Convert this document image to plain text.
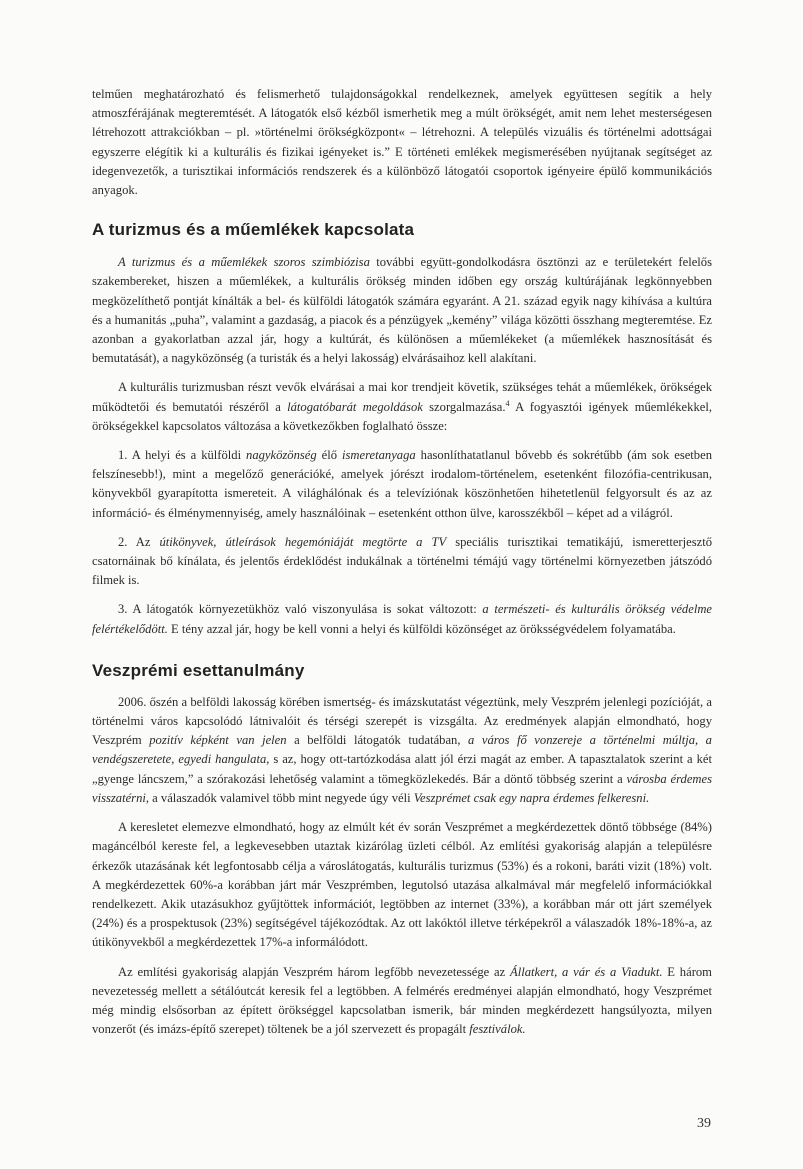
telműen meghatározható és felismerhető tulajdonságokkal rendelkeznek, amelyek együttesen segítik a hely atmoszférájának megteremtését. A látogatók első kézből ismerhetik meg a múlt örökségét, amit nem lehet mesterségesen létrehozott attrakciókban – pl. »történelmi örökségközpont« – létrehozni. A település vizuális és történelmi adottságai egyszerre elégítik ki a kulturális és fizikai igényeket is.” E történeti emlékek megismerésében nyújtanak segítséget az idegenvezetők, a turisztikai információs rendszerek és a különböző látogatói csoportok igényeire épülő kommunikációs anyagok.

A turizmus és a műemlékek kapcsolata

A turizmus és a műemlékek szoros szimbiózisa további együtt-gondolkodásra ösztönzi az e területekért felelős szakembereket, hiszen a műemlékek, a kulturális örökség minden időben egy ország kultúrájának legkönnyebben megközelíthető pontját kínálták a bel- és külföldi látogatók számára egyaránt. A 21. század egyik nagy kihívása a kultúra és a humanitás „puha”, valamint a gazdaság, a piacok és a pénzügyek „kemény” világa közötti összhang megteremtése. Ez azonban a gyakorlatban azzal jár, hogy a kultúrát, és különösen a műemlékeket (a műemlékek hasznosítását és bemutatását), a nagyközönség (a turisták és a helyi lakosság) elvárásaihoz kell alakítani.

A kulturális turizmusban részt vevők elvárásai a mai kor trendjeit követik, szükséges tehát a műemlékek, örökségek működtetői és bemutatói részéről a látogatóbarát megoldások szorgalmazása.$^4$ A fogyasztói igények műemlékekkel, örökségekkel kapcsolatos változása a következőkben foglalható össze:

1. A helyi és a külföldi nagyközönség élő ismeretanyaga hasonlíthatatlanul bővebb és sokrétűbb (ám sok esetben felszínesebb!), mint a megelőző generációké, amelyek jórészt irodalom-történelem, esetenként filozófia-centrikusan, könyvekből gyarapította ismereteit. A világhálónak és a televíziónak köszönhetően hihetetlenül felgyorsult és az az információ- és élménymennyiség, amely használóinak – esetenként otthon ülve, karosszékből – képet ad a világról.

2. Az útikönyvek, útleírások hegemóniáját megtörte a TV speciális turisztikai tematikájú, ismeretterjesztő csatornáinak bő kínálata, és jelentős érdeklődést indukálnak a történelmi témájú vagy történelmi környezetben játszódó filmek is.

3. A látogatók környezetükhöz való viszonyulása is sokat változott: a természeti- és kulturális örökség védelme felértékelődött. E tény azzal jár, hogy be kell vonni a helyi és külföldi közönséget az öröksségvédelem folyamatába.

Veszprémi esettanulmány

2006. őszén a belföldi lakosság körében ismertség- és imázskutatást végeztünk, mely Veszprém jelenlegi pozícióját, a történelmi város kapcsolódó látnivalóit és térségi szerepét is vizsgálta. Az eredmények alapján elmondható, hogy Veszprém pozitív képként van jelen a belföldi látogatók tudatában, a város fő vonzereje a történelmi múltja, a vendégszeretete, egyedi hangulata, s az, hogy ott-tartózkodása alatt jól érzi magát az ember. A tapasztalatok szerint a két „gyenge láncszem,” a szórakozási lehetőség valamint a tömegközlekedés. Bár a döntő többség szerint a városba érdemes visszatérni, a válaszadók valamivel több mint negyede úgy véli Veszprémet csak egy napra érdemes felkeresni.

A keresletet elemezve elmondható, hogy az elmúlt két év során Veszprémet a megkérdezettek döntő többsége (84%) magáncélból kereste fel, a legkevesebben utaztak kizárólag üzleti célból. Az említési gyakoriság alapján a településre érkezők utazásának két legfontosabb célja a városlátogatás, kulturális turizmus (53%) és a rokoni, baráti vizit (18%) volt. A megkérdezettek 60%-a korábban járt már Veszprémben, legutolsó utazása alkalmával már megfelelő információkkal rendelkezett. Akik utazásukhoz gyűjtöttek információt, legtöbben az internet (33%), a korábban már ott járt személyek (24%) és a prospektusok (23%) segítségével tájékozódtak. Az ott lakóktól illetve térképekről a válaszadók 18%-18%-a, az útikönyvekből a megkérdezettek 17%-a informálódott.

Az említési gyakoriság alapján Veszprém három legfőbb nevezetessége az Állatkert, a vár és a Viadukt. E három nevezetesség mellett a sétálóutcát keresik fel a legtöbben. A felmérés eredményei alapján elmondható, hogy Veszprémet még mindig elsősorban az épített örökséggel kapcsolatban ismerik, bár minden megkérdezett hangsúlyozta, milyen vonzerőt (és imázs-építő szerepet) töltenek be a jól szervezett és propagált fesztiválok.

39
